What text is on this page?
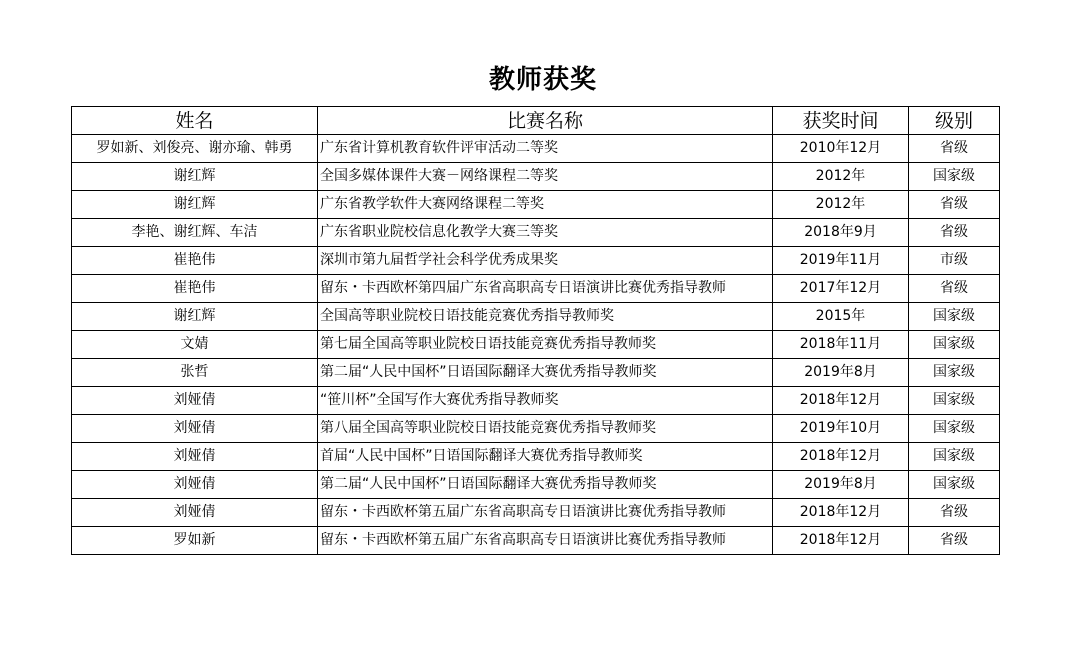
教师获奖
姓名	比赛名称	获奖时间	级别
罗如新、刘俊亮、谢亦瑜、韩勇	广东省计算机教育软件评审活动二等奖	2010年12月	省级
谢红辉	全国多媒体课件大赛－网络课程二等奖	2012年	国家级
谢红辉	广东省教学软件大赛网络课程二等奖	2012年	省级
李艳、谢红辉、车洁	广东省职业院校信息化教学大赛三等奖	2018年9月	省级
崔艳伟	深圳市第九届哲学社会科学优秀成果奖	2019年11月	市级
崔艳伟	留东・卡西欧杯第四届广东省高职高专日语演讲比赛优秀指导教师	2017年12月	省级
谢红辉	全国高等职业院校日语技能竞赛优秀指导教师奖	2015年	国家级
文婧	第七届全国高等职业院校日语技能竞赛优秀指导教师奖	2018年11月	国家级
张哲	第二届“人民中国杯”日语国际翻译大赛优秀指导教师奖	2019年8月	国家级
刘娅倩	“笹川杯”全国写作大赛优秀指导教师奖	2018年12月	国家级
刘娅倩	第八届全国高等职业院校日语技能竞赛优秀指导教师奖	2019年10月	国家级
刘娅倩	首届“人民中国杯”日语国际翻译大赛优秀指导教师奖	2018年12月	国家级
刘娅倩	第二届“人民中国杯”日语国际翻译大赛优秀指导教师奖	2019年8月	国家级
刘娅倩	留东・卡西欧杯第五届广东省高职高专日语演讲比赛优秀指导教师	2018年12月	省级
罗如新	留东・卡西欧杯第五届广东省高职高专日语演讲比赛优秀指导教师	2018年12月	省级
